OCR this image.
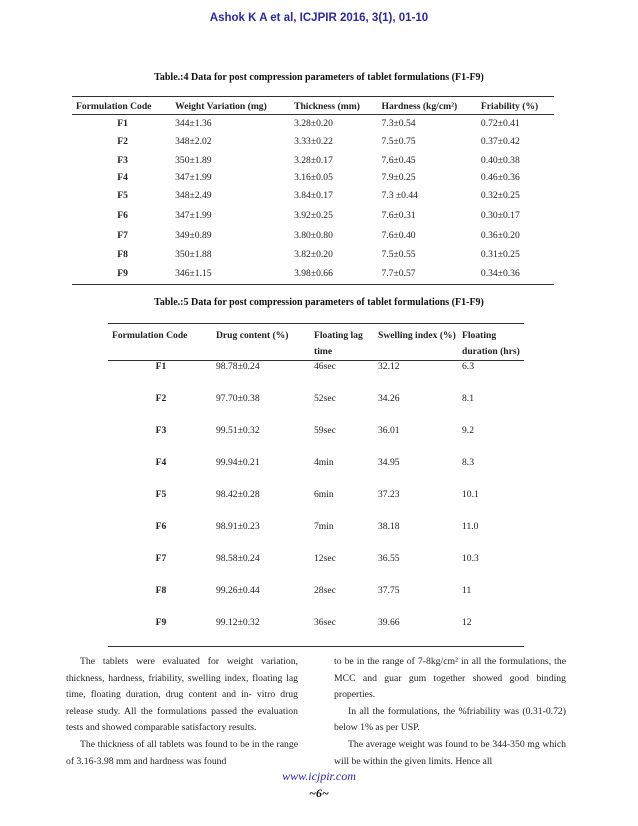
Ashok K A et al, ICJPIR 2016, 3(1), 01-10
Table.:4 Data for post compression parameters of tablet formulations (F1-F9)
Formulation Code	Weight Variation (mg)	Thickness (mm)	Hardness (kg/cm²)	Friability (%)
F1	344±1.36	3.28±0.20	7.3±0.54	0.72±0.41
F2	348±2.02	3.33±0.22	7.5±0.75	0.37±0.42
F3	350±1.89	3.28±0.17	7.6±0.45	0.40±0.38
F4	347±1.99	3.16±0.05	7.9±0.25	0.46±0.36
F5	348±2.49	3.84±0.17	7.3 ±0.44	0.32±0.25
F6	347±1.99	3.92±0.25	7.6±0.31	0.30±0.17
F7	349±0.89	3.80±0.80	7.6±0.40	0.36±0.20
F8	350±1.88	3.82±0.20	7.5±0.55	0.31±0.25
F9	346±1.15	3.98±0.66	7.7±0.57	0.34±0.36
Table.:5 Data for post compression parameters of tablet formulations (F1-F9)
Formulation Code	Drug content (%)	Floating lag time	Swelling index (%)	Floating duration (hrs)
F1	98.78±0.24	46sec	32.12	6.3
F2	97.70±0.38	52sec	34.26	8.1
F3	99.51±0.32	59sec	36.01	9.2
F4	99.94±0.21	4min	34.95	8.3
F5	98.42±0.28	6min	37.23	10.1
F6	98.91±0.23	7min	38.18	11.0
F7	98.58±0.24	12sec	36.55	10.3
F8	99.26±0.44	28sec	37.75	11
F9	99.12±0.32	36sec	39.66	12

The tablets were evaluated for weight variation, thickness, hardness, friability, swelling index, floating lag time, floating duration, drug content and in- vitro drug release study. All the formulations passed the evaluation tests and showed comparable satisfactory results.

The thickness of all tablets was found to be in the range of 3.16-3.98 mm and hardness was found

to be in the range of 7-8kg/cm² in all the formulations, the MCC and guar gum together showed good binding properties.

In all the formulations, the %friability was (0.31-0.72) below 1% as per USP.

The average weight was found to be 344-350 mg which will be within the given limits. Hence all

www.icjpir.com
~6~
